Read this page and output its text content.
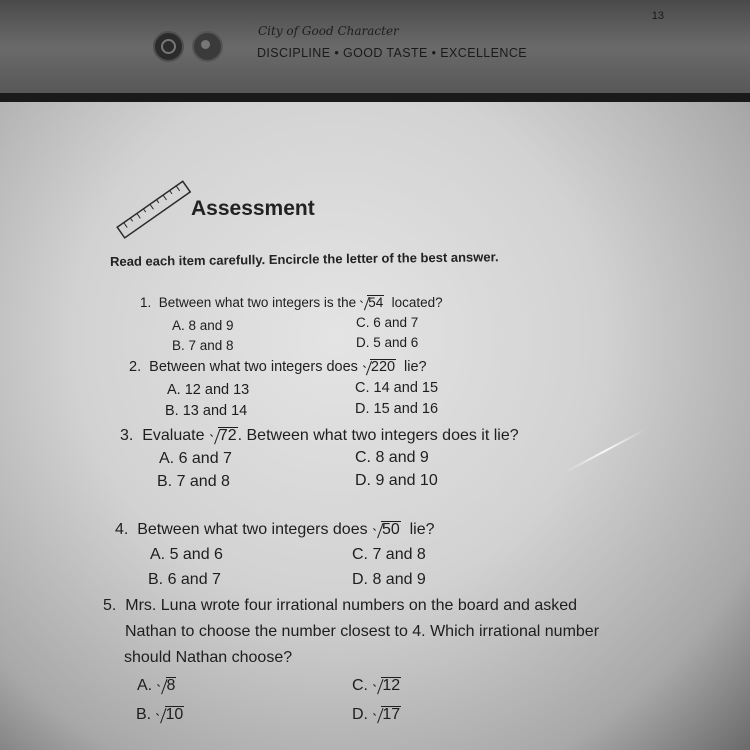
13
City of Good Character
DISCIPLINE • GOOD TASTE • EXCELLENCE
Assessment
Read each item carefully. Encircle the letter of the best answer.
1. Between what two integers is the 54 located?
A. 8 and 9	C. 6 and 7
B. 7 and 8	D. 5 and 6
2. Between what two integers does 220 lie?
A. 12 and 13	C. 14 and 15
B. 13 and 14	D. 15 and 16
3. Evaluate 72. Between what two integers does it lie?
A. 6 and 7	C. 8 and 9
B. 7 and 8	D. 9 and 10
4. Between what two integers does 50 lie?
A. 5 and 6	C. 7 and 8
B. 6 and 7	D. 8 and 9
5. Mrs. Luna wrote four irrational numbers on the board and asked
Nathan to choose the number closest to 4. Which irrational number
should Nathan choose?
A. 8	C. 12
B. 10	D. 17
